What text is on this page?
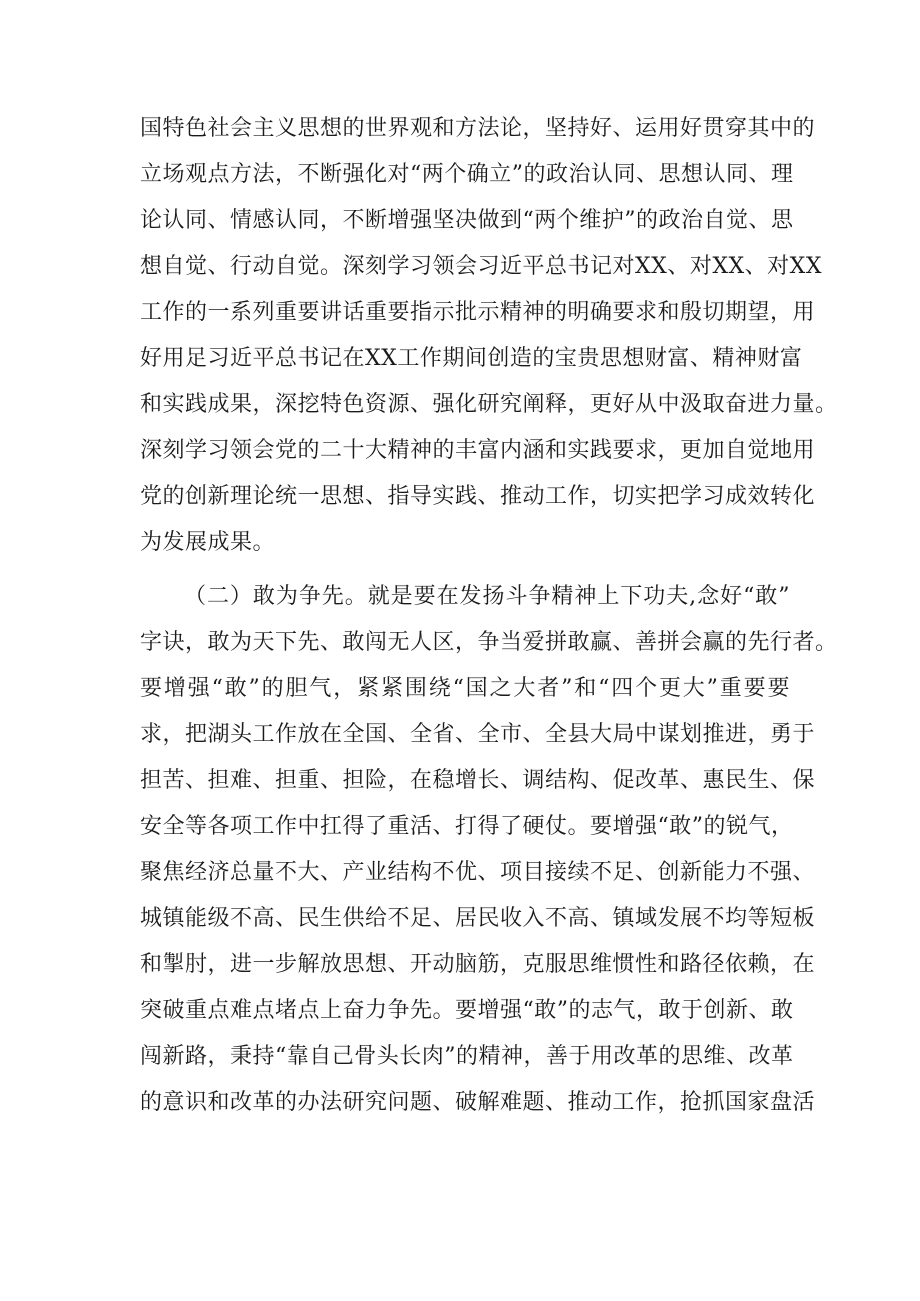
国特色社会主义思想的世界观和方法论，坚持好、运用好贯穿其中的
立场观点方法，不断强化对“两个确立”的政治认同、思想认同、理
论认同、情感认同，不断增强坚决做到“两个维护”的政治自觉、思
想自觉、行动自觉。深刻学习领会习近平总书记对XX、对XX、对XX
工作的一系列重要讲话重要指示批示精神的明确要求和殷切期望，用
好用足习近平总书记在XX工作期间创造的宝贵思想财富、精神财富
和实践成果，深挖特色资源、强化研究阐释，更好从中汲取奋进力量。
深刻学习领会党的二十大精神的丰富内涵和实践要求，更加自觉地用
党的创新理论统一思想、指导实践、推动工作，切实把学习成效转化
为发展成果。
（二）敢为争先。就是要在发扬斗争精神上下功夫,念好“敢”
字诀，敢为天下先、敢闯无人区，争当爱拼敢赢、善拼会赢的先行者。
要增强“敢”的胆气，紧紧围绕“国之大者”和“四个更大”重要要
求，把湖头工作放在全国、全省、全市、全县大局中谋划推进，勇于
担苦、担难、担重、担险，在稳增长、调结构、促改革、惠民生、保
安全等各项工作中扛得了重活、打得了硬仗。要增强“敢”的锐气，
聚焦经济总量不大、产业结构不优、项目接续不足、创新能力不强、
城镇能级不高、民生供给不足、居民收入不高、镇域发展不均等短板
和掣肘，进一步解放思想、开动脑筋，克服思维惯性和路径依赖，在
突破重点难点堵点上奋力争先。要增强“敢”的志气，敢于创新、敢
闯新路，秉持“靠自己骨头长肉”的精神，善于用改革的思维、改革
的意识和改革的办法研究问题、破解难题、推动工作，抢抓国家盘活
